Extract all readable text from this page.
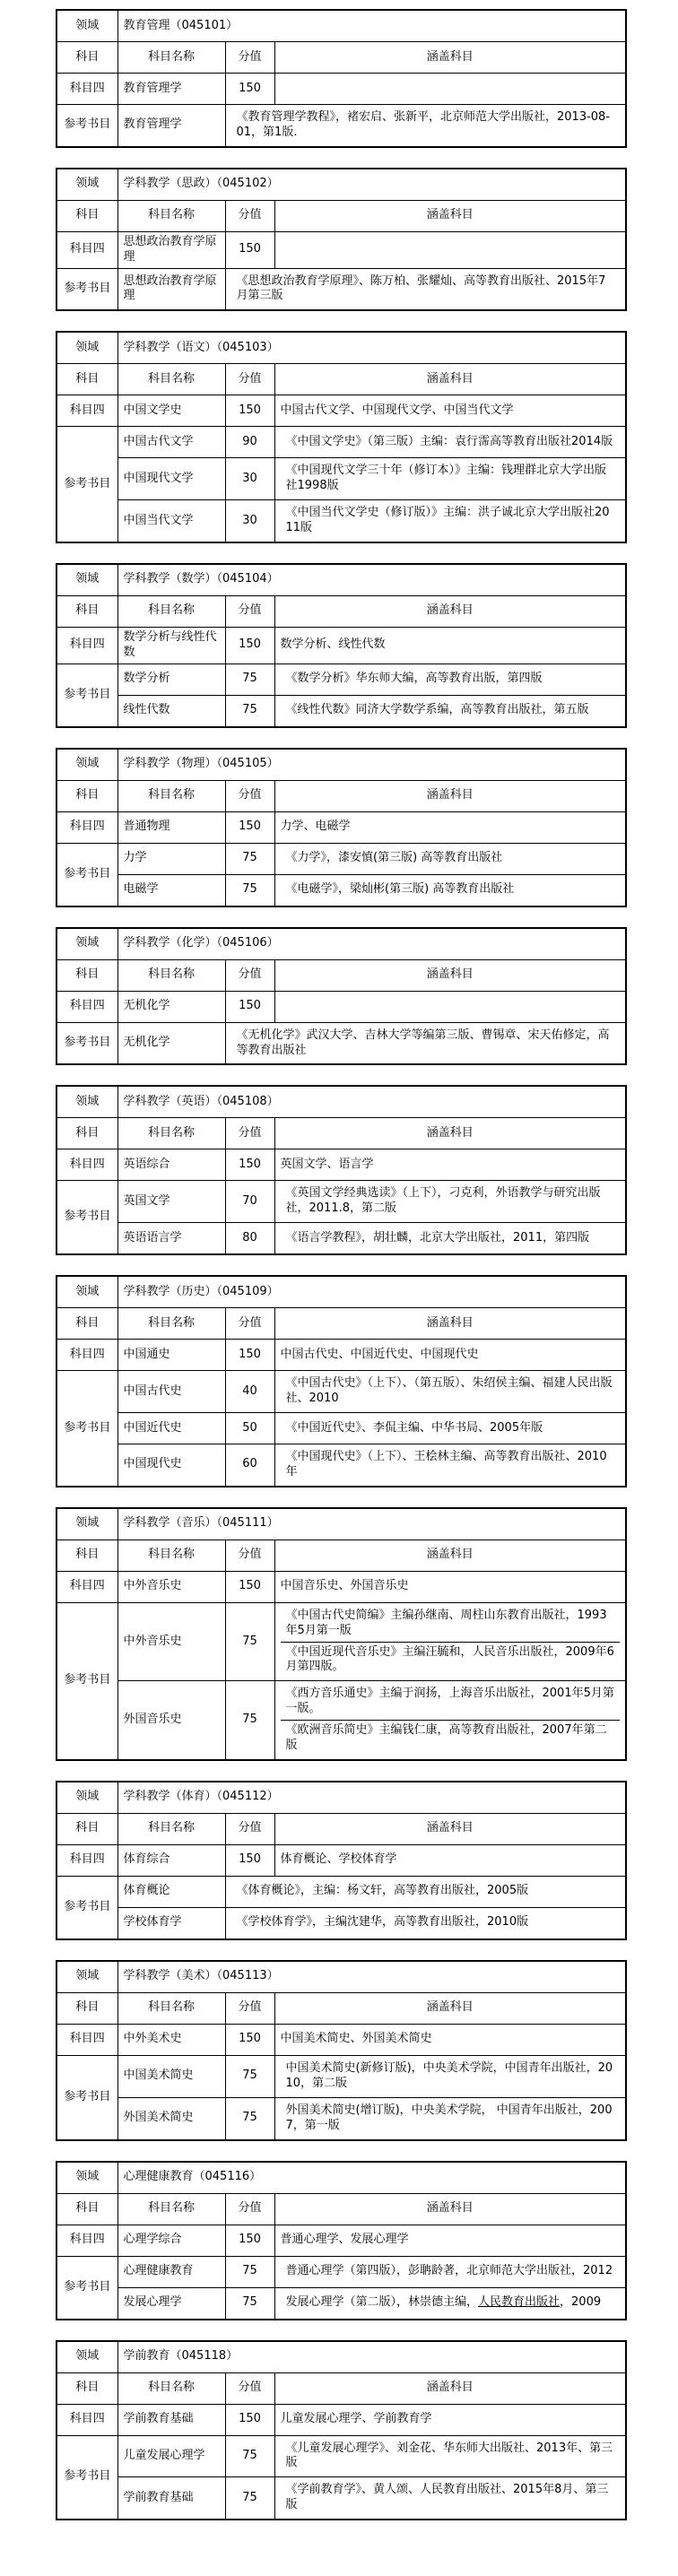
领域	教育管理（045101）		
科目	科目名称	分值	涵盖科目
科目四	教育管理学	150	
参考书目	教育管理学	《教育管理学教程》，褚宏启、张新平，北京师范大学出版社，2013-08-01，第1版.	
领域	学科教学（思政）（045102）		
科目	科目名称	分值	涵盖科目
科目四	思想政治教育学原理	150	
参考书目	思想政治教育学原理	《思想政治教育学原理》、陈万柏、张耀灿、高等教育出版社、2015年7月第三版	
领域	学科教学（语文）（045103）		
科目	科目名称	分值	涵盖科目
科目四	中国文学史	150	中国古代文学、中国现代文学、中国当代文学
参考书目	中国古代文学	90	《中国文学史》（第三版）主编：袁行霈高等教育出版社2014版

	中国现代文学	30	《中国现代文学三十年（修订本）》主编：钱理群北京大学出版社1998版

	中国当代文学	30	《中国当代文学史（修订版）》主编：洪子诚北京大学出版社2011版
领域	学科教学（数学）（045104）		
科目	科目名称	分值	涵盖科目
科目四	数学分析与线性代数	150	数学分析、线性代数
参考书目	数学分析	75	《数学分析》华东师大编，高等教育出版，第四版

	线性代数	75	《线性代数》同济大学数学系编，高等教育出版社，第五版
领域	学科教学（物理）（045105）		
科目	科目名称	分值	涵盖科目
科目四	普通物理	150	力学、电磁学
参考书目	力学	75	《力学》，漆安慎(第三版) 高等教育出版社

	电磁学	75	《电磁学》，梁灿彬(第三版) 高等教育出版社
领域	学科教学（化学）（045106）		
科目	科目名称	分值	涵盖科目
科目四	无机化学	150	
参考书目	无机化学	《无机化学》武汉大学、吉林大学等编第三版、曹锡章、宋天佑修定，高等教育出版社	
领域	学科教学（英语）（045108）		
科目	科目名称	分值	涵盖科目
科目四	英语综合	150	英国文学、语言学
参考书目	英国文学	70	《英国文学经典选读》（上下），刁克利，外语教学与研究出版社，2011.8，第二版

	英语语言学	80	《语言学教程》，胡壮麟，北京大学出版社，2011，第四版
领域	学科教学（历史）（045109）		
科目	科目名称	分值	涵盖科目
科目四	中国通史	150	中国古代史、中国近代史、中国现代史
参考书目	中国古代史	40	《中国古代史》（上下）、（第五版）、朱绍侯主编、福建人民出版社、2010

	中国近代史	50	《中国近代史》、李侃主编、中华书局、2005年版

	中国现代史	60	《中国现代史》（上下）、王桧林主编、高等教育出版社、2010年
领域	学科教学（音乐）（045111）		
科目	科目名称	分值	涵盖科目
科目四	中外音乐史	150	中国音乐史、外国音乐史
参考书目	中外音乐史	75	《中国古代史简编》主编孙继南、周柱山东教育出版社，1993年5月第一版
《中国近现代音乐史》主编汪毓和，人民音乐出版社，2009年6月第四版。

	外国音乐史	75	《西方音乐通史》主编于润扬，上海音乐出版社，2001年5月第一版。
《欧洲音乐简史》主编钱仁康，高等教育出版社，2007年第二版
领域	学科教学（体育）（045112）		
科目	科目名称	分值	涵盖科目
科目四	体育综合	150	体育概论、学校体育学
参考书目	体育概论	《体育概论》，主编：杨文轩，高等教育出版社，2005版	

	学校体育学	《学校体育学》，主编沈建华，高等教育出版社，2010版	
领域	学科教学（美术）（045113）		
科目	科目名称	分值	涵盖科目
科目四	中外美术史	150	中国美术简史、外国美术简史
参考书目	中国美术简史	75	中国美术简史(新修订版)，中央美术学院，中国青年出版社，2010，第二版

	外国美术简史	75	外国美术简史(增订版)，中央美术学院， 中国青年出版社，2007，第一版
领域	心理健康教育（045116）		
科目	科目名称	分值	涵盖科目
科目四	心理学综合	150	普通心理学、发展心理学
参考书目	心理健康教育	75	普通心理学（第四版），彭聃龄著，北京师范大学出版社，2012

	发展心理学	75	发展心理学（第二版），林崇德主编，人民教育出版社，2009
领域	学前教育（045118）		
科目	科目名称	分值	涵盖科目
科目四	学前教育基础	150	儿童发展心理学、学前教育学
参考书目	儿童发展心理学	75	《儿童发展心理学》、刘金花、华东师大出版社、2013年、第三版

	学前教育基础	75	《学前教育学》、黄人颂、人民教育出版社、2015年8月、第三版
